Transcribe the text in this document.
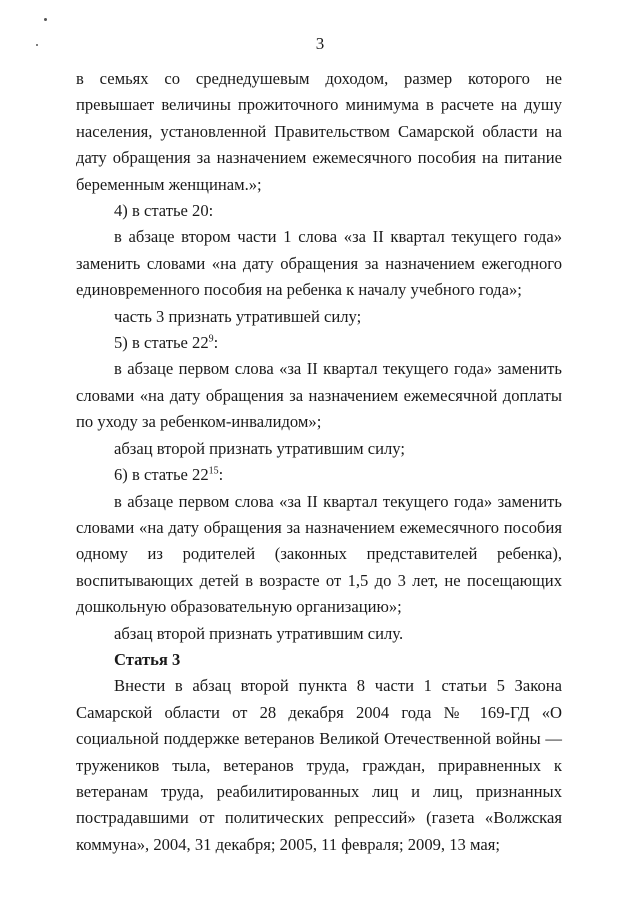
3

в семьях со среднедушевым доходом, размер которого не превышает величины прожиточного минимума в расчете на душу населения, установленной Правительством Самарской области на дату обращения за назначением ежемесячного пособия на питание беременным женщинам.»;

4) в статье 20:

в абзаце втором части 1 слова «за II квартал текущего года» заменить словами «на дату обращения за назначением ежегодного единовременного пособия на ребенка к началу учебного года»;

часть 3 признать утратившей силу;

5) в статье $22^9$:

в абзаце первом слова «за II квартал текущего года» заменить словами «на дату обращения за назначением ежемесячной доплаты по уходу за ребенком-инвалидом»;

абзац второй признать утратившим силу;

6) в статье $22^{15}$:

в абзаце первом слова «за II квартал текущего года» заменить словами «на дату обращения за назначением ежемесячного пособия одному из родителей (законных представителей ребенка), воспитывающих детей в возрасте от 1,5 до 3 лет, не посещающих дошкольную образовательную организацию»;

абзац второй признать утратившим силу.

Статья 3

Внести в абзац второй пункта 8 части 1 статьи 5 Закона Самарской области от 28 декабря 2004 года № 169-ГД «О социальной поддержке ветеранов Великой Отечественной войны — тружеников тыла, ветеранов труда, граждан, приравненных к ветеранам труда, реабилитированных лиц и лиц, признанных пострадавшими от политических репрессий» (газета «Волжская коммуна», 2004, 31 декабря; 2005, 11 февраля; 2009, 13 мая;
